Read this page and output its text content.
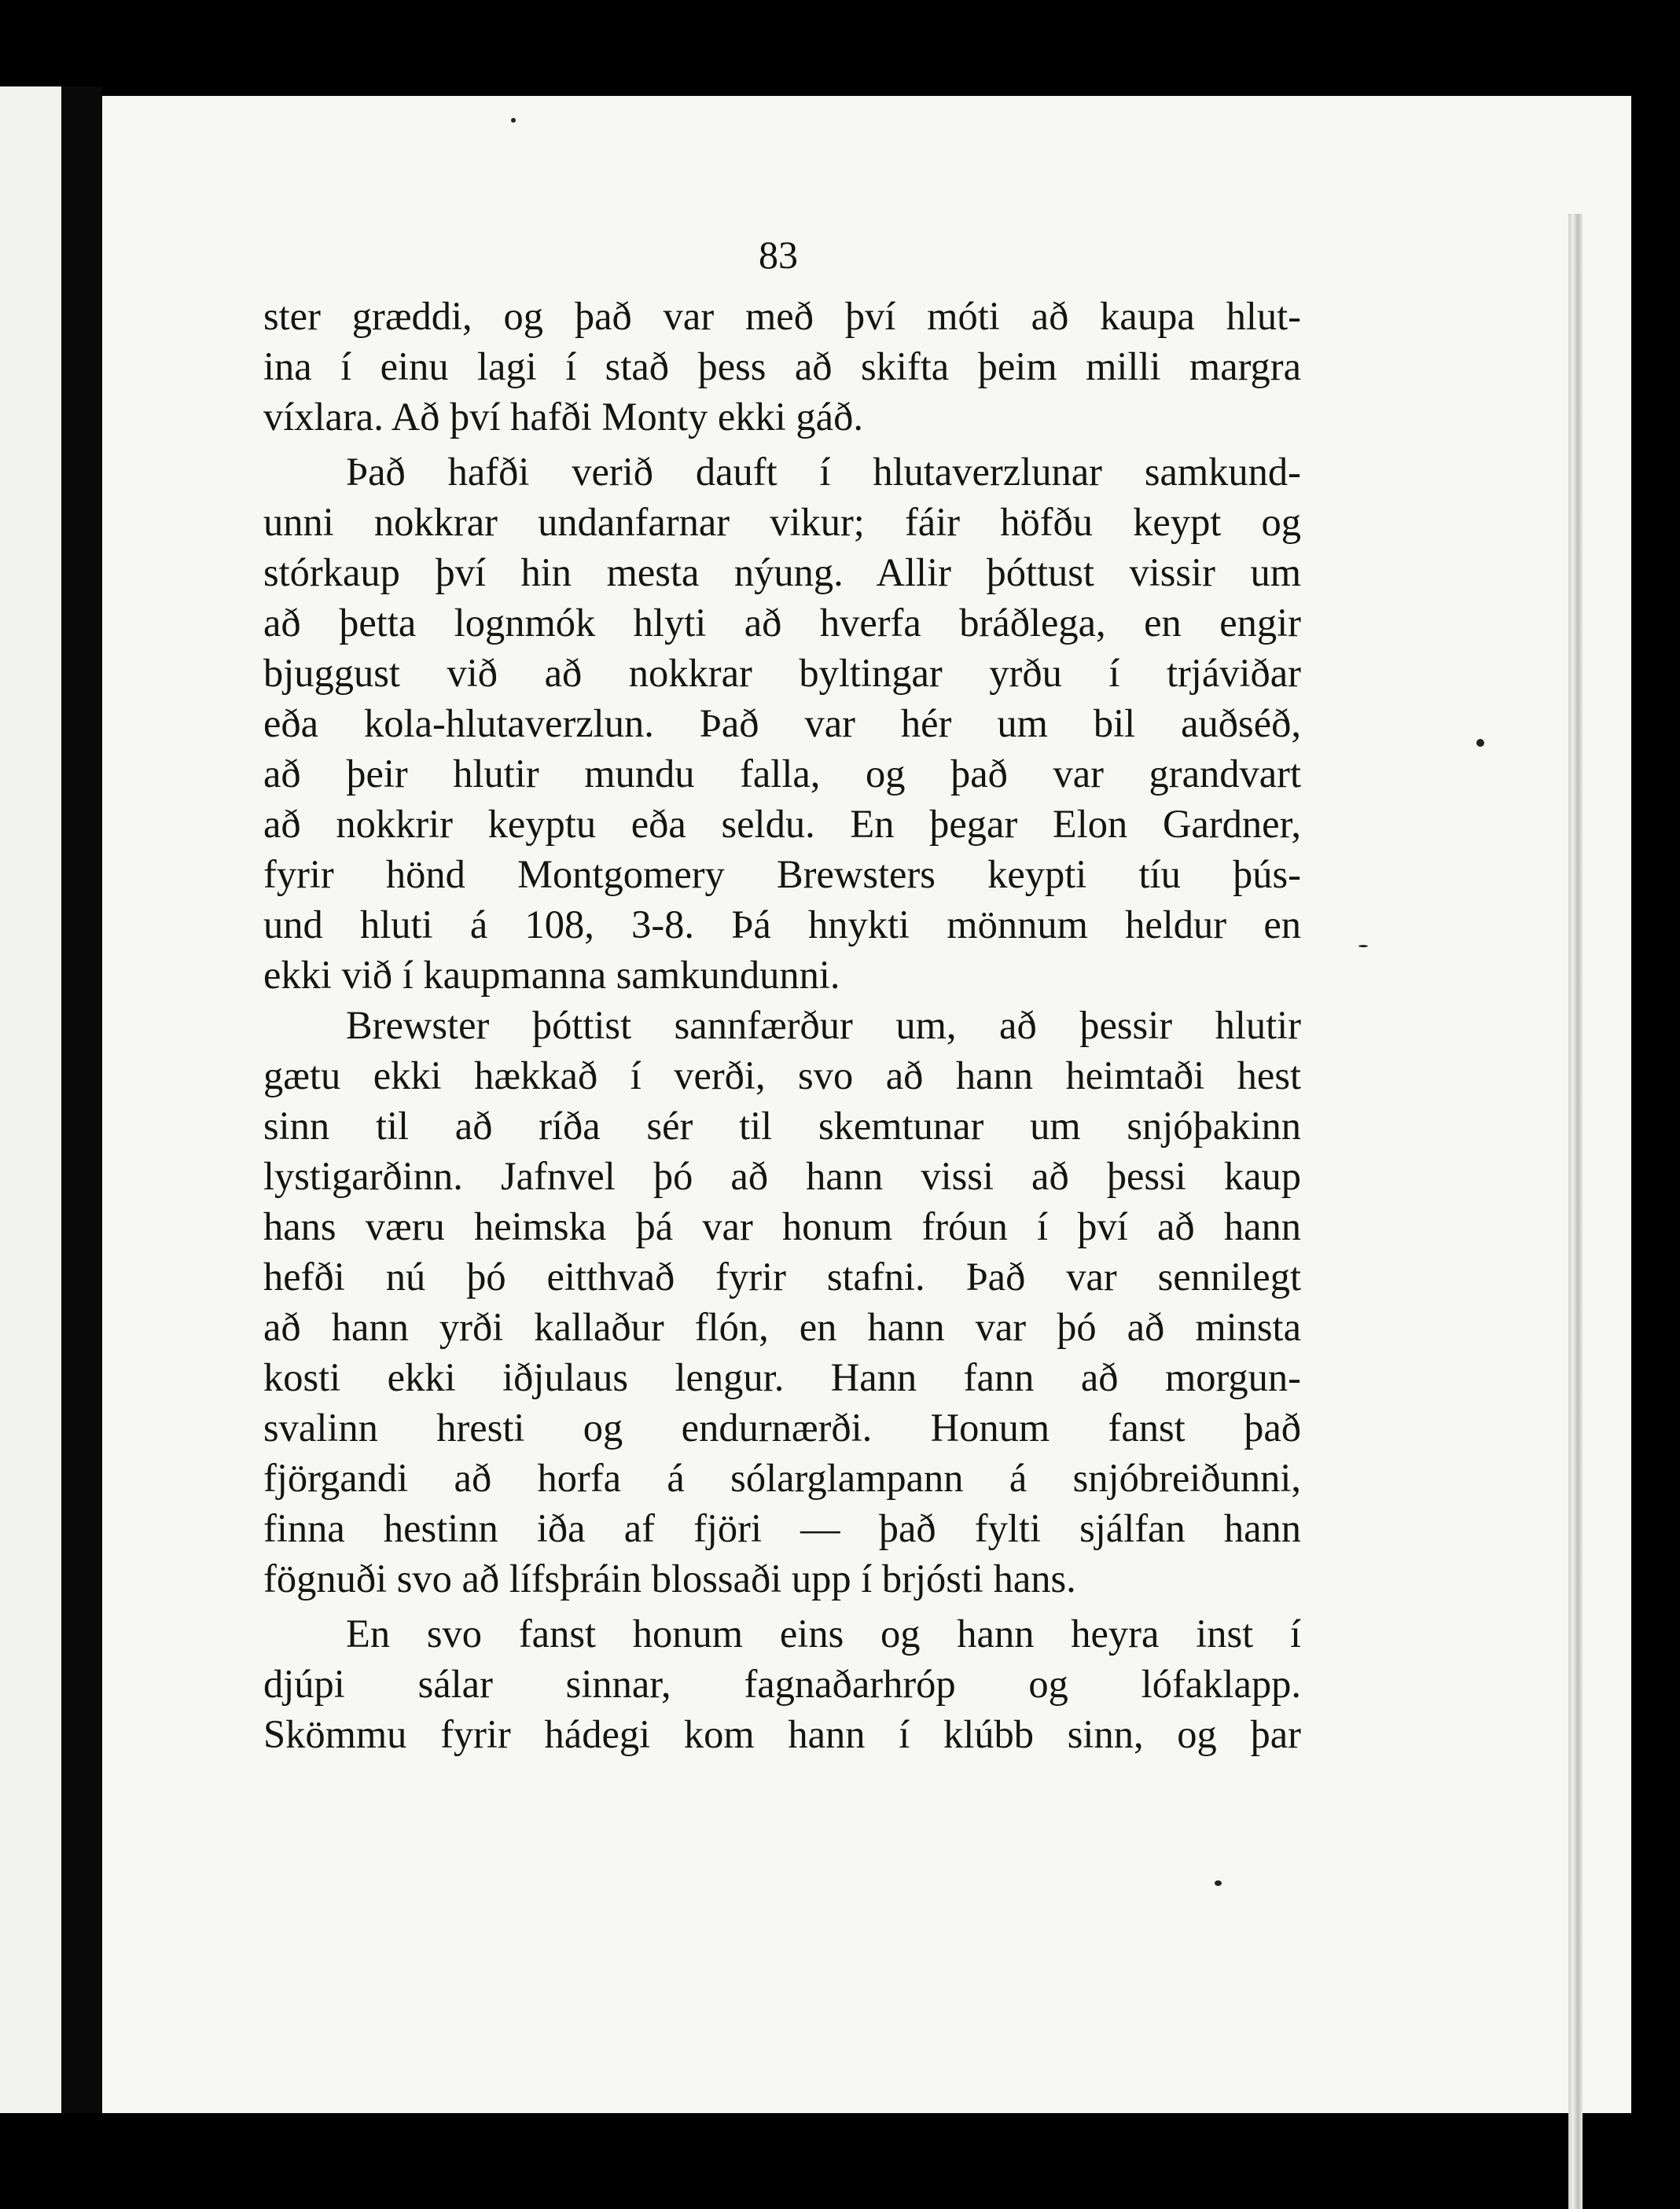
83
ster græddi, og það var með því móti að kaupa hlut-
ina í einu lagi í stað þess að skifta þeim milli margra
víxlara. Að því hafði Monty ekki gáð.
Það hafði verið dauft í hlutaverzlunar samkund-
unni nokkrar undanfarnar vikur; fáir höfðu keypt og
stórkaup því hin mesta nýung. Allir þóttust vissir um
að þetta lognmók hlyti að hverfa bráðlega, en engir
bjuggust við að nokkrar byltingar yrðu í trjáviðar
eða kola-hlutaverzlun. Það var hér um bil auðséð,
að þeir hlutir mundu falla, og það var grandvart
að nokkrir keyptu eða seldu. En þegar Elon Gardner,
fyrir hönd Montgomery Brewsters keypti tíu þús-
und hluti á 108, 3-8. Þá hnykti mönnum heldur en
ekki við í kaupmanna samkundunni.
Brewster þóttist sannfærður um, að þessir hlutir
gætu ekki hækkað í verði, svo að hann heimtaði hest
sinn til að ríða sér til skemtunar um snjóþakinn
lystigarðinn. Jafnvel þó að hann vissi að þessi kaup
hans væru heimska þá var honum fróun í því að hann
hefði nú þó eitthvað fyrir stafni. Það var sennilegt
að hann yrði kallaður flón, en hann var þó að minsta
kosti ekki iðjulaus lengur. Hann fann að morgun-
svalinn hresti og endurnærði. Honum fanst það
fjörgandi að horfa á sólarglampann á snjóbreiðunni,
finna hestinn iða af fjöri — það fylti sjálfan hann
fögnuði svo að lífsþráin blossaði upp í brjósti hans.
En svo fanst honum eins og hann heyra inst í
djúpi sálar sinnar, fagnaðarhróp og lófaklapp.
Skömmu fyrir hádegi kom hann í klúbb sinn, og þar
